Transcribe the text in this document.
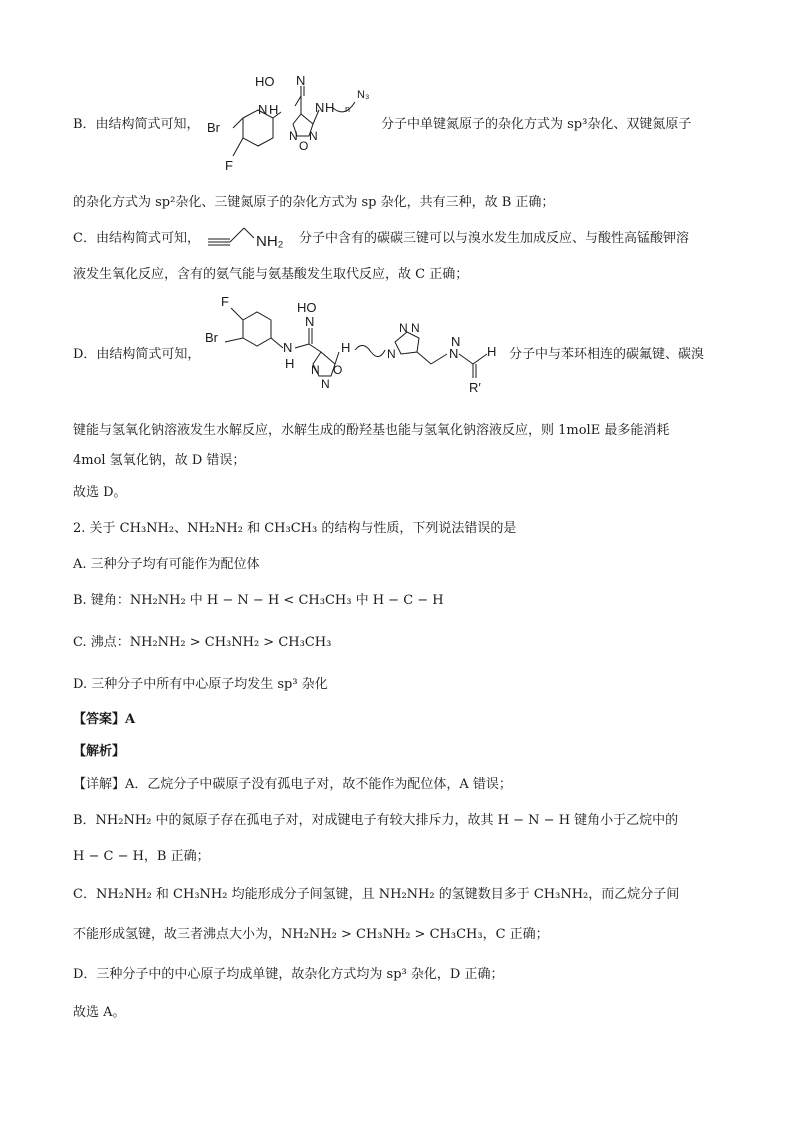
B．由结构简式可知，
HO N
N H	N H
N₃
n
N
O
N
Br
F
分子中单键氮原子的杂化方式为 sp³杂化、双键氮原子
的杂化方式为 sp²杂化、三键氮原子的杂化方式为 sp 杂化，共有三种，故 B 正确；
C．由结构简式可知，	NH₂ 分子中含有的碳碳三键可以与溴水发生加成反应、与酸性高锰酸钾溶
液发生氧化反应，含有的氨气能与氨基酸发生取代反应，故 C 正确；
D．由结构简式可知，
F
Br
N
H
HO
N
H
N
N
O
N N
N	N
N
H
R′
分子中与苯环相连的碳氟键、碳溴
键能与氢氧化钠溶液发生水解反应，水解生成的酚羟基也能与氢氧化钠溶液反应，则 1molE 最多能消耗
4mol 氢氧化钠，故 D 错误；
故选 D。
2. 关于 CH₃NH₂、NH₂NH₂ 和 CH₃CH₃ 的结构与性质，下列说法错误的是
A. 三种分子均有可能作为配位体
B. 键角：NH₂NH₂ 中 H − N − H < CH₃CH₃ 中 H − C − H
C. 沸点：NH₂NH₂ > CH₃NH₂ > CH₃CH₃
D. 三种分子中所有中心原子均发生 sp³ 杂化
【答案】A
【解析】
【详解】A．乙烷分子中碳原子没有孤电子对，故不能作为配位体，A 错误；
B．NH₂NH₂ 中的氮原子存在孤电子对，对成键电子有较大排斥力，故其 H − N − H 键角小于乙烷中的
H − C − H，B 正确；
C．NH₂NH₂ 和 CH₃NH₂ 均能形成分子间氢键，且 NH₂NH₂ 的氢键数目多于 CH₃NH₂，而乙烷分子间
不能形成氢键，故三者沸点大小为，NH₂NH₂ > CH₃NH₂ > CH₃CH₃，C 正确；
D．三种分子中的中心原子均成单键，故杂化方式均为 sp³ 杂化，D 正确；
故选 A。
